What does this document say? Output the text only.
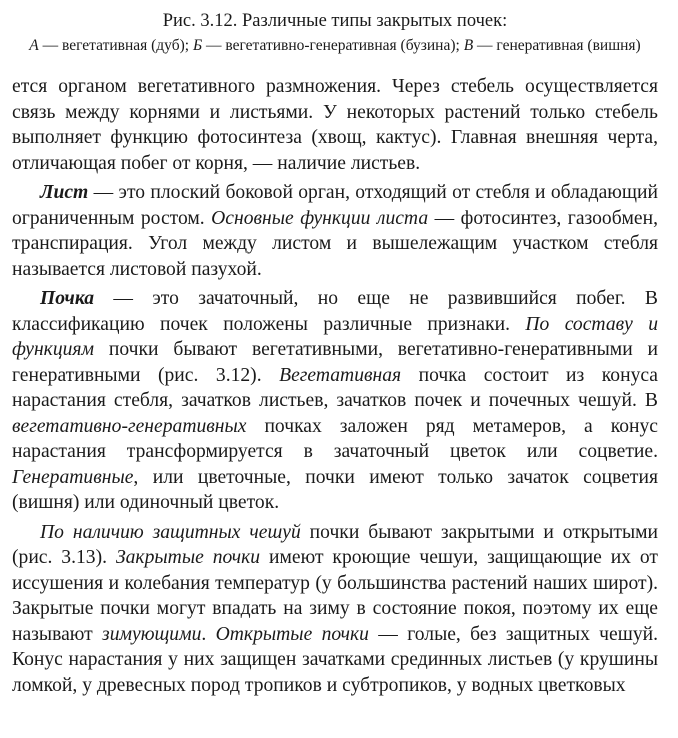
Рис. 3.12. Различные типы закрытых почек:
А — вегетативная (дуб); Б — вегетативно-генеративная (бузина); В — генеративная (вишня)

ется органом вегетативного размножения. Через стебель осуществляется связь между корнями и листьями. У некоторых растений только стебель выполняет функцию фотосинтеза (хвощ, кактус). Главная внешняя черта, отличающая побег от корня, — наличие листьев.

Лист — это плоский боковой орган, отходящий от стебля и обладающий ограниченным ростом. Основные функции листа — фотосинтез, газообмен, транспирация. Угол между листом и вышележащим участком стебля называется листовой пазухой.

Почка — это зачаточный, но еще не развившийся побег. В классификацию почек положены различные признаки. По составу и функциям почки бывают вегетативными, вегетативно-генеративными и генеративными (рис. 3.12). Вегетативная почка состоит из конуса нарастания стебля, зачатков листьев, зачатков почек и почечных чешуй. В вегетативно-генеративных почках заложен ряд метамеров, а конус нарастания трансформируется в зачаточный цветок или соцветие. Генеративные, или цветочные, почки имеют только зачаток соцветия (вишня) или одиночный цветок.

По наличию защитных чешуй почки бывают закрытыми и открытыми (рис. 3.13). Закрытые почки имеют кроющие чешуи, защищающие их от иссушения и колебания температур (у большинства растений наших широт). Закрытые почки могут впадать на зиму в состояние покоя, поэтому их еще называют зимующими. Открытые почки — голые, без защитных чешуй. Конус нарастания у них защищен зачатками срединных листьев (у крушины ломкой, у древесных пород тропиков и субтропиков, у водных цветковых
